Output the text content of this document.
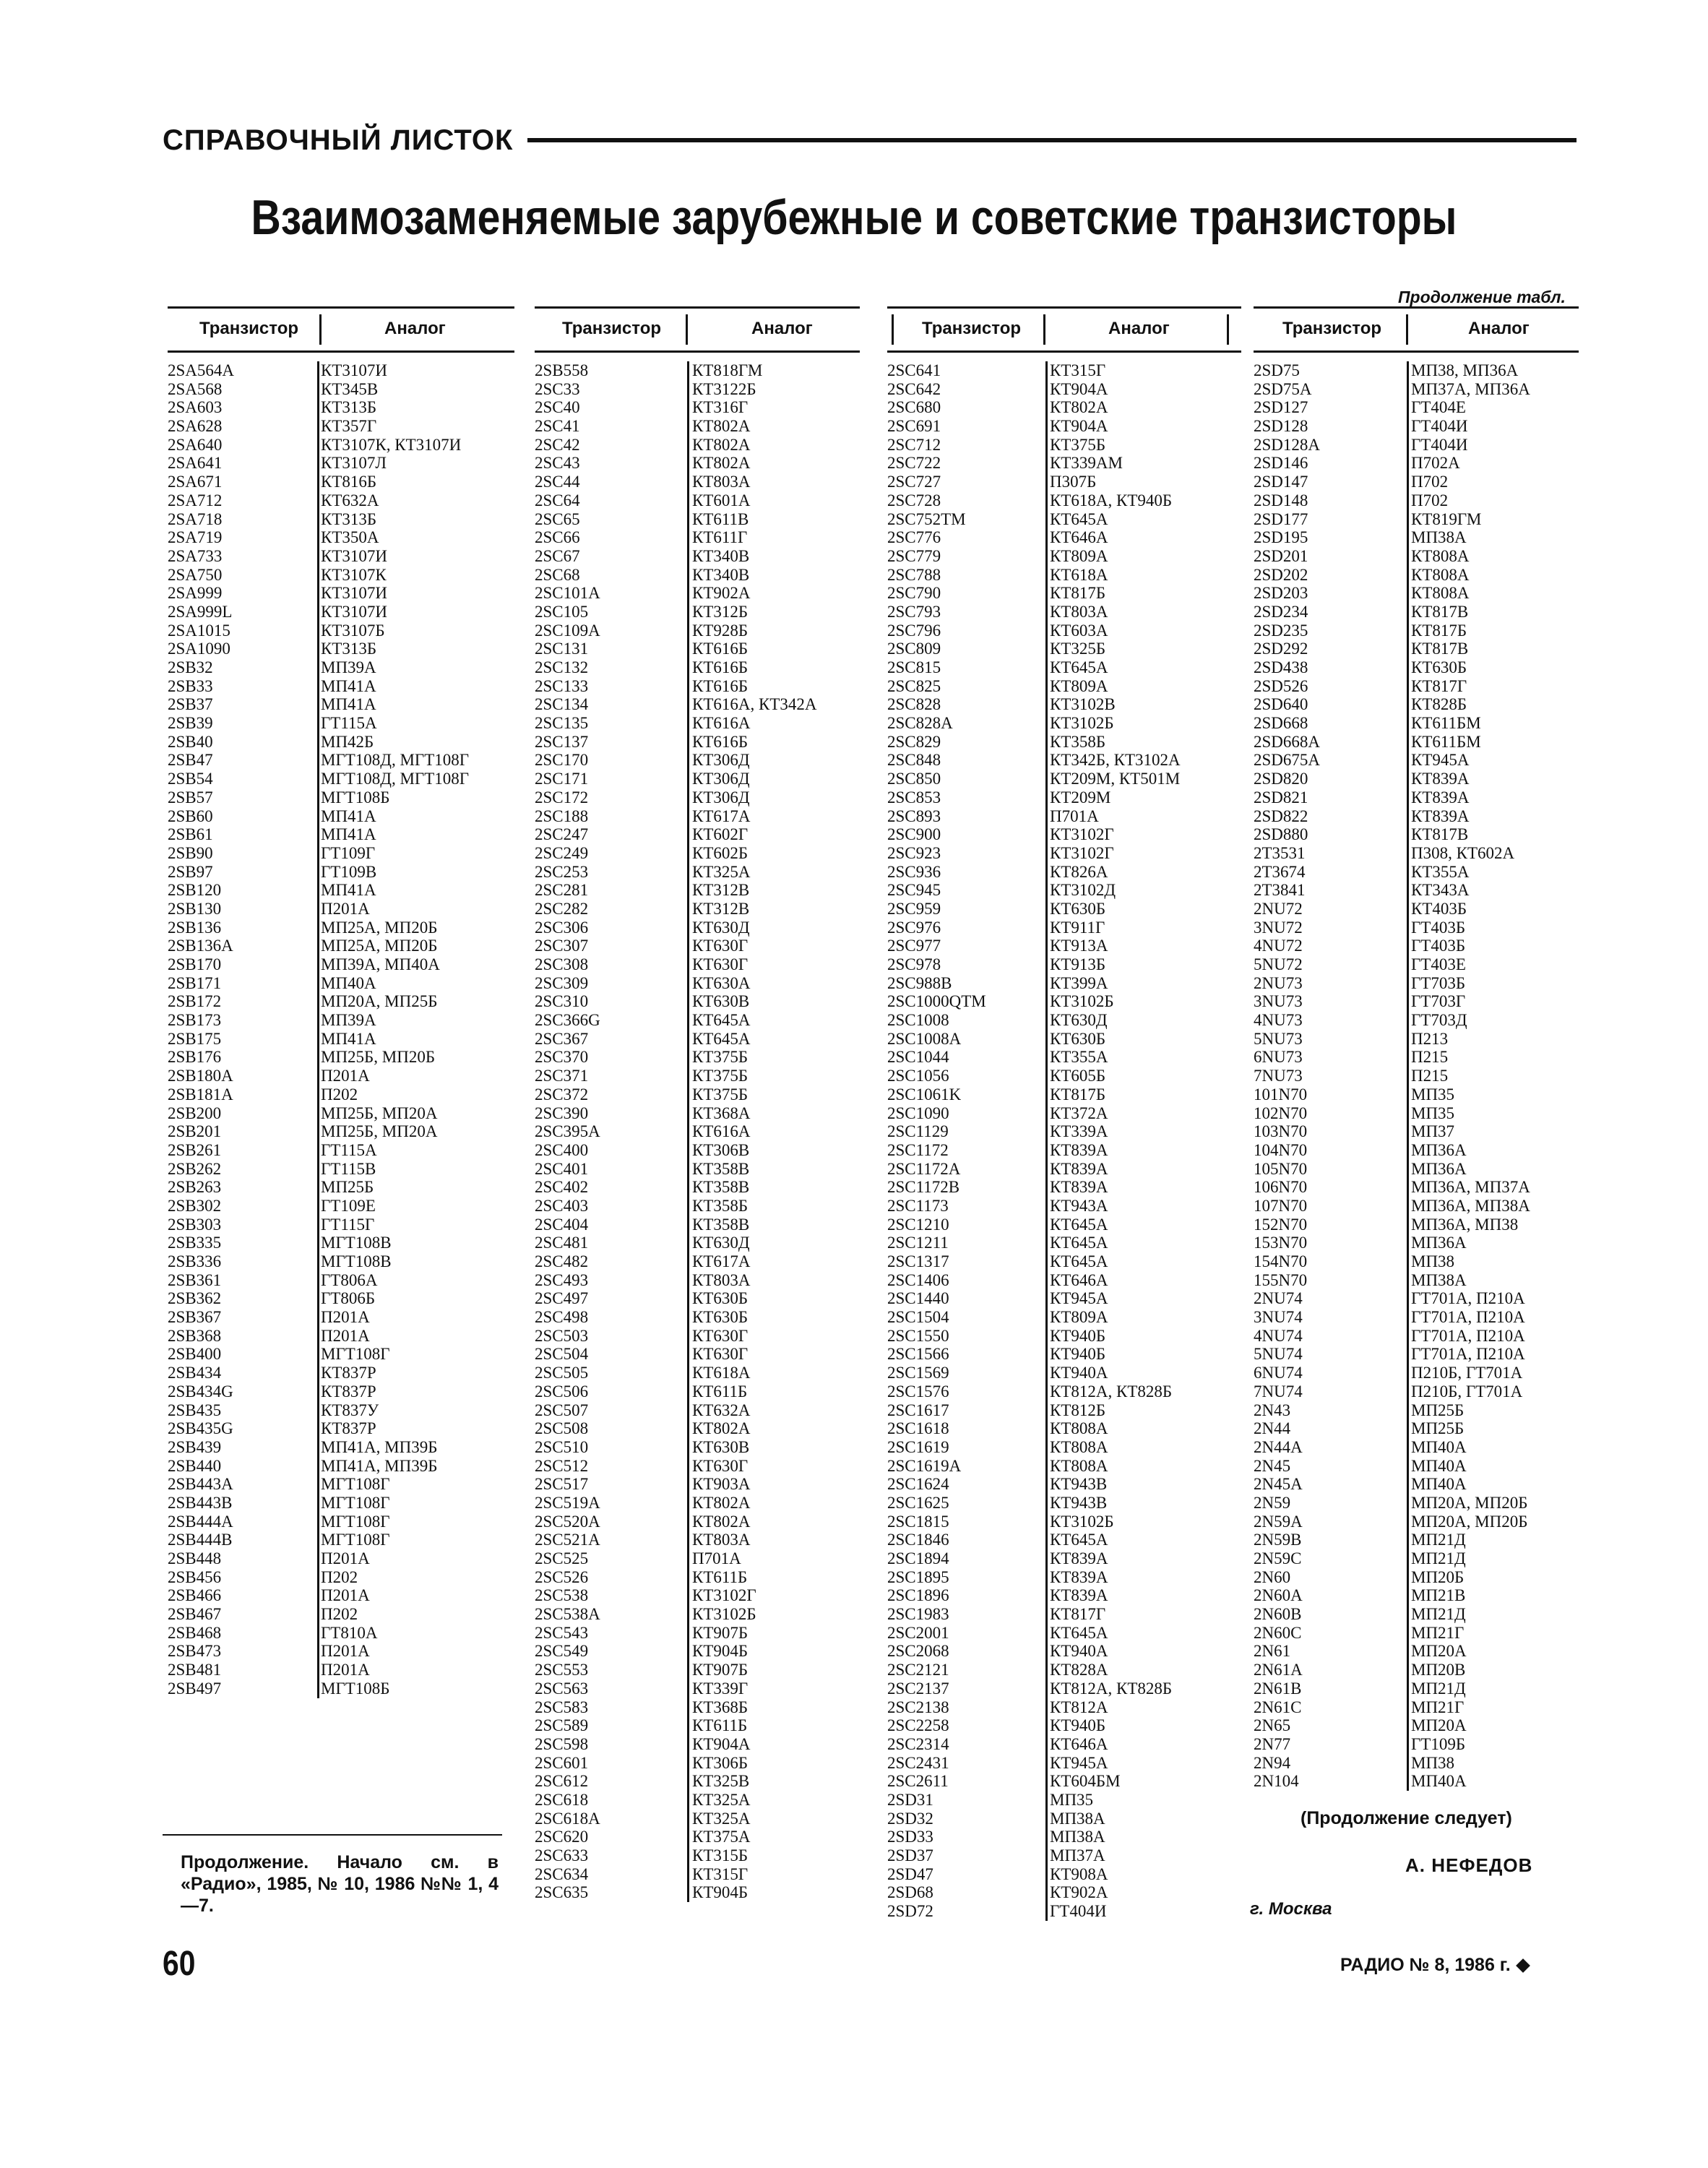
СПРАВОЧНЫЙ ЛИСТОК
Взаимозаменяемые зарубежные и советские транзисторы
Продолжение табл.
Транзистор	Аналог
2SA564A	КТ3107И
2SA568	КТ345В
2SA603	КТ313Б
2SA628	КТ357Г
2SA640	КТ3107К, КТ3107И
2SA641	КТ3107Л
2SA671	КТ816Б
2SA712	КТ632А
2SA718	КТ313Б
2SA719	КТ350А
2SA733	КТ3107И
2SA750	КТ3107К
2SA999	КТ3107И
2SA999L	КТ3107И
2SA1015	КТ3107Б
2SA1090	КТ313Б
2SB32	МП39А
2SB33	МП41А
2SB37	МП41А
2SB39	ГТ115А
2SB40	МП42Б
2SB47	МГТ108Д, МГТ108Г
2SB54	МГТ108Д, МГТ108Г
2SB57	МГТ108Б
2SB60	МП41А
2SB61	МП41А
2SB90	ГТ109Г
2SB97	ГТ109В
2SB120	МП41А
2SB130	П201А
2SB136	МП25А, МП20Б
2SB136A	МП25А, МП20Б
2SB170	МП39А, МП40А
2SB171	МП40А
2SB172	МП20А, МП25Б
2SB173	МП39А
2SB175	МП41А
2SB176	МП25Б, МП20Б
2SB180A	П201А
2SB181A	П202
2SB200	МП25Б, МП20А
2SB201	МП25Б, МП20А
2SB261	ГТ115А
2SB262	ГТ115В
2SB263	МП25Б
2SB302	ГТ109Е
2SB303	ГТ115Г
2SB335	МГТ108В
2SB336	МГТ108В
2SB361	ГТ806А
2SB362	ГТ806Б
2SB367	П201А
2SB368	П201А
2SB400	МГТ108Г
2SB434	КТ837Р
2SB434G	КТ837Р
2SB435	КТ837У
2SB435G	КТ837Р
2SB439	МП41А, МП39Б
2SB440	МП41А, МП39Б
2SB443A	МГТ108Г
2SB443B	МГТ108Г
2SB444A	МГТ108Г
2SB444B	МГТ108Г
2SB448	П201А
2SB456	П202
2SB466	П201А
2SB467	П202
2SB468	ГТ810А
2SB473	П201А
2SB481	П201А
2SB497	МГТ108Б
Транзистор	Аналог
2SB558	КТ818ГМ
2SC33	КТ3122Б
2SC40	КТ316Г
2SC41	КТ802А
2SC42	КТ802А
2SC43	КТ802А
2SC44	КТ803А
2SC64	КТ601А
2SC65	КТ611В
2SC66	КТ611Г
2SC67	КТ340В
2SC68	КТ340В
2SC101A	КТ902А
2SC105	КТ312Б
2SC109A	КТ928Б
2SC131	КТ616Б
2SC132	КТ616Б
2SC133	КТ616Б
2SC134	КТ616А, КТ342А
2SC135	КТ616А
2SC137	КТ616Б
2SC170	КТ306Д
2SC171	КТ306Д
2SC172	КТ306Д
2SC188	КТ617А
2SC247	КТ602Г
2SC249	КТ602Б
2SC253	КТ325А
2SC281	КТ312В
2SC282	КТ312В
2SC306	КТ630Д
2SC307	КТ630Г
2SC308	КТ630Г
2SC309	КТ630А
2SC310	КТ630В
2SC366G	КТ645А
2SC367	КТ645А
2SC370	КТ375Б
2SC371	КТ375Б
2SC372	КТ375Б
2SC390	КТ368А
2SC395A	КТ616А
2SC400	КТ306В
2SC401	КТ358В
2SC402	КТ358В
2SC403	КТ358Б
2SC404	КТ358В
2SC481	КТ630Д
2SC482	КТ617А
2SC493	КТ803А
2SC497	КТ630Б
2SC498	КТ630Б
2SC503	КТ630Г
2SC504	КТ630Г
2SC505	КТ618А
2SC506	КТ611Б
2SC507	КТ632А
2SC508	КТ802А
2SC510	КТ630В
2SC512	КТ630Г
2SC517	КТ903А
2SC519A	КТ802А
2SC520A	КТ802А
2SC521A	КТ803А
2SC525	П701А
2SC526	КТ611Б
2SC538	КТ3102Г
2SC538A	КТ3102Б
2SC543	КТ907Б
2SC549	КТ904Б
2SC553	КТ907Б
2SC563	КТ339Г
2SC583	КТ368Б
2SC589	КТ611Б
2SC598	КТ904А
2SC601	КТ306Б
2SC612	КТ325В
2SC618	КТ325А
2SC618A	КТ325А
2SC620	КТ375А
2SC633	КТ315Б
2SC634	КТ315Г
2SC635	КТ904Б
Транзистор	Аналог
2SC641	КТ315Г
2SC642	КТ904А
2SC680	КТ802А
2SC691	КТ904А
2SC712	КТ375Б
2SC722	КТ339АМ
2SC727	П307Б
2SC728	КТ618А, КТ940Б
2SC752TM	КТ645А
2SC776	КТ646А
2SC779	КТ809А
2SC788	КТ618А
2SC790	КТ817Б
2SC793	КТ803А
2SC796	КТ603А
2SC809	КТ325Б
2SC815	КТ645А
2SC825	КТ809А
2SC828	КТ3102В
2SC828A	КТ3102Б
2SC829	КТ358Б
2SC848	КТ342Б, КТ3102А
2SC850	КТ209М, КТ501М
2SC853	КТ209М
2SC893	П701А
2SC900	КТ3102Г
2SC923	КТ3102Г
2SC936	КТ826А
2SC945	КТ3102Д
2SC959	КТ630Б
2SC976	КТ911Г
2SC977	КТ913А
2SC978	КТ913Б
2SC988B	КТ399А
2SC1000QTM	КТ3102Б
2SC1008	КТ630Д
2SC1008A	КТ630Б
2SC1044	КТ355А
2SC1056	КТ605Б
2SC1061K	КТ817Б
2SC1090	КТ372А
2SC1129	КТ339А
2SC1172	КТ839А
2SC1172A	КТ839А
2SC1172B	КТ839А
2SC1173	КТ943А
2SC1210	КТ645А
2SC1211	КТ645А
2SC1317	КТ645А
2SC1406	КТ646А
2SC1440	КТ945А
2SC1504	КТ809А
2SC1550	КТ940Б
2SC1566	КТ940Б
2SC1569	КТ940А
2SC1576	КТ812А, КТ828Б
2SC1617	КТ812Б
2SC1618	КТ808А
2SC1619	КТ808А
2SC1619A	КТ808А
2SC1624	КТ943В
2SC1625	КТ943В
2SC1815	КТ3102Б
2SC1846	КТ645А
2SC1894	КТ839А
2SC1895	КТ839А
2SC1896	КТ839А
2SC1983	КТ817Г
2SC2001	КТ645А
2SC2068	КТ940А
2SC2121	КТ828А
2SC2137	КТ812А, КТ828Б
2SC2138	КТ812А
2SC2258	КТ940Б
2SC2314	КТ646А
2SC2431	КТ945А
2SC2611	КТ604БМ
2SD31	МП35
2SD32	МП38А
2SD33	МП38А
2SD37	МП37А
2SD47	КТ908А
2SD68	КТ902А
2SD72	ГТ404И
Транзистор	Аналог
2SD75	МП38, МП36А
2SD75A	МП37А, МП36А
2SD127	ГТ404Е
2SD128	ГТ404И
2SD128A	ГТ404И
2SD146	П702А
2SD147	П702
2SD148	П702
2SD177	КТ819ГМ
2SD195	МП38А
2SD201	КТ808А
2SD202	КТ808А
2SD203	КТ808А
2SD234	КТ817В
2SD235	КТ817Б
2SD292	КТ817В
2SD438	КТ630Б
2SD526	КТ817Г
2SD640	КТ828Б
2SD668	КТ611БМ
2SD668A	КТ611БМ
2SD675A	КТ945А
2SD820	КТ839А
2SD821	КТ839А
2SD822	КТ839А
2SD880	КТ817В
2T3531	П308, КТ602А
2T3674	КТ355А
2T3841	КТ343А
2NU72	КТ403Б
3NU72	ГТ403Б
4NU72	ГТ403Б
5NU72	ГТ403Е
2NU73	ГТ703Б
3NU73	ГТ703Г
4NU73	ГТ703Д
5NU73	П213
6NU73	П215
7NU73	П215
101N70	МП35
102N70	МП35
103N70	МП37
104N70	МП36А
105N70	МП36А
106N70	МП36А, МП37А
107N70	МП36А, МП38А
152N70	МП36А, МП38
153N70	МП36А
154N70	МП38
155N70	МП38А
2NU74	ГТ701А, П210А
3NU74	ГТ701А, П210А
4NU74	ГТ701А, П210А
5NU74	ГТ701А, П210А
6NU74	П210Б, ГТ701А
7NU74	П210Б, ГТ701А
2N43	МП25Б
2N44	МП25Б
2N44A	МП40А
2N45	МП40А
2N45A	МП40А
2N59	МП20А, МП20Б
2N59A	МП20А, МП20Б
2N59B	МП21Д
2N59C	МП21Д
2N60	МП20Б
2N60A	МП21В
2N60B	МП21Д
2N60C	МП21Г
2N61	МП20А
2N61A	МП20В
2N61B	МП21Д
2N61C	МП21Г
2N65	МП20А
2N77	ГТ109Б
2N94	МП38
2N104	МП40А
Продолжение. Начало см. в «Радио», 1985, № 10, 1986 №№ 1, 4—7.
(Продолжение следует)
А. НЕФЕДОВ
г. Москва
60	РАДИО № 8, 1986 г.
